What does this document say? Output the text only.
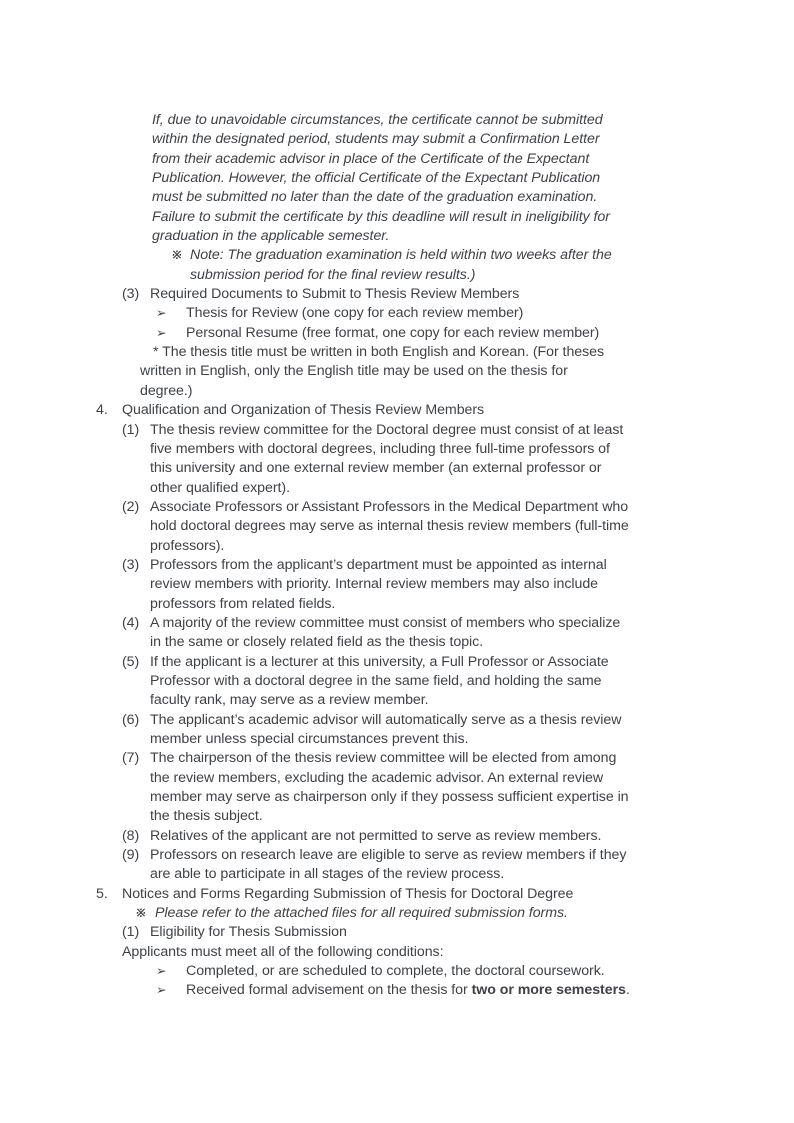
If, due to unavoidable circumstances, the certificate cannot be submitted
within the designated period, students may submit a Confirmation Letter
from their academic advisor in place of the Certificate of the Expectant
Publication. However, the official Certificate of the Expectant Publication
must be submitted no later than the date of the graduation examination.
Failure to submit the certificate by this deadline will result in ineligibility for
graduation in the applicable semester.
※ Note: The graduation examination is held within two weeks after the
submission period for the final review results.)
(3) Required Documents to Submit to Thesis Review Members
➢ Thesis for Review (one copy for each review member)
➢ Personal Resume (free format, one copy for each review member)
* The thesis title must be written in both English and Korean. (For theses
written in English, only the English title may be used on the thesis for
degree.)
4. Qualification and Organization of Thesis Review Members
(1) The thesis review committee for the Doctoral degree must consist of at least
five members with doctoral degrees, including three full-time professors of
this university and one external review member (an external professor or
other qualified expert).
(2) Associate Professors or Assistant Professors in the Medical Department who
hold doctoral degrees may serve as internal thesis review members (full-time
professors).
(3) Professors from the applicant’s department must be appointed as internal
review members with priority. Internal review members may also include
professors from related fields.
(4) A majority of the review committee must consist of members who specialize
in the same or closely related field as the thesis topic.
(5) If the applicant is a lecturer at this university, a Full Professor or Associate
Professor with a doctoral degree in the same field, and holding the same
faculty rank, may serve as a review member.
(6) The applicant’s academic advisor will automatically serve as a thesis review
member unless special circumstances prevent this.
(7) The chairperson of the thesis review committee will be elected from among
the review members, excluding the academic advisor. An external review
member may serve as chairperson only if they possess sufficient expertise in
the thesis subject.
(8) Relatives of the applicant are not permitted to serve as review members.
(9) Professors on research leave are eligible to serve as review members if they
are able to participate in all stages of the review process.
5. Notices and Forms Regarding Submission of Thesis for Doctoral Degree
※ Please refer to the attached files for all required submission forms.
(1) Eligibility for Thesis Submission
Applicants must meet all of the following conditions:
➢ Completed, or are scheduled to complete, the doctoral coursework.
➢ Received formal advisement on the thesis for two or more semesters.
